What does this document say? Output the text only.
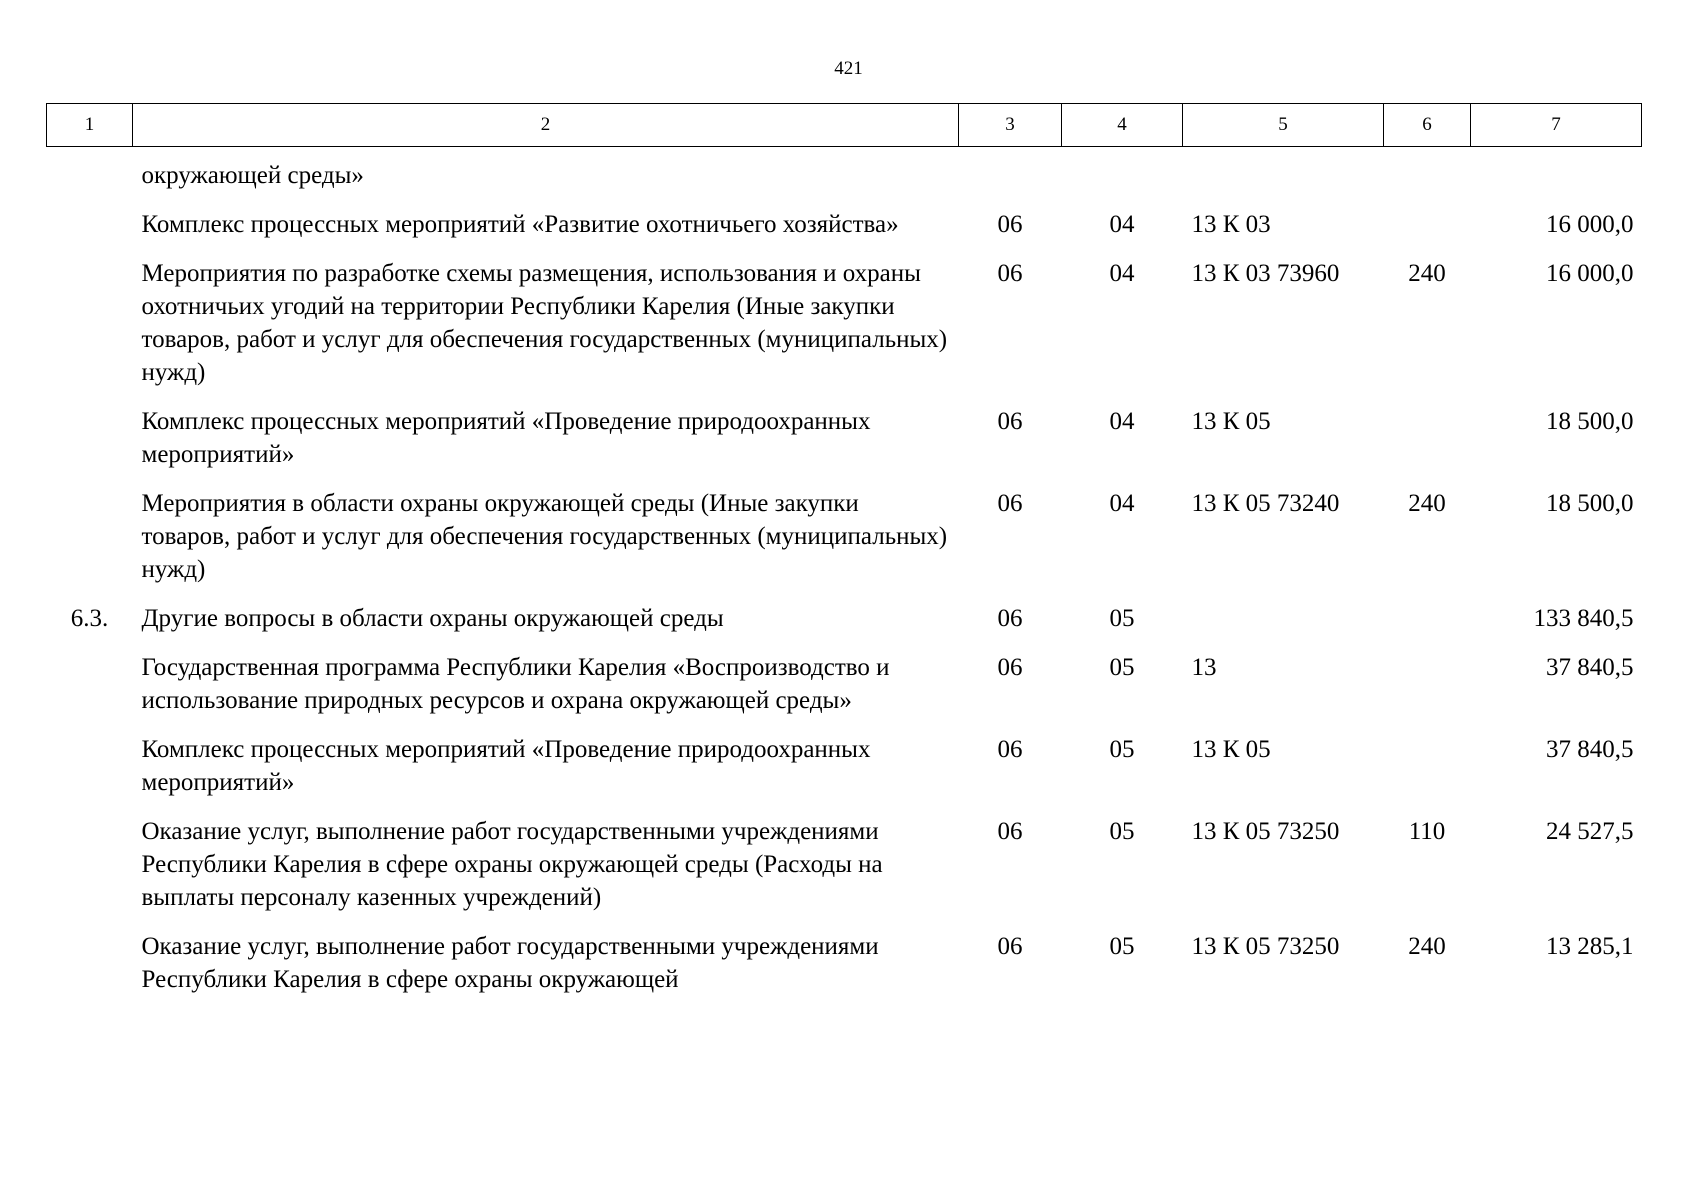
421
1	2	3	4	5	6	7
	окружающей среды»					
	Комплекс процессных мероприятий «Развитие охотничьего хозяйства»	06	04	13 К 03		16 000,0
	Мероприятия по разработке схемы размещения, использования и охраны охотничьих угодий на территории Республики Карелия (Иные закупки товаров, работ и услуг для обеспечения государственных (муниципальных) нужд)	06	04	13 К 03 73960	240	16 000,0
	Комплекс процессных мероприятий «Проведение природоохранных мероприятий»	06	04	13 К 05		18 500,0
	Мероприятия в области охраны окружающей среды (Иные закупки товаров, работ и услуг для обеспечения государственных (муниципальных) нужд)	06	04	13 К 05 73240	240	18 500,0
6.3.	Другие вопросы в области охраны окружающей среды	06	05			133 840,5
	Государственная программа Республики Карелия «Воспроизводство и использование природных ресурсов и охрана окружающей среды»	06	05	13		37 840,5
	Комплекс процессных мероприятий «Проведение природоохранных мероприятий»	06	05	13 К 05		37 840,5
	Оказание услуг, выполнение работ государственными учреждениями Республики Карелия в сфере охраны окружающей среды (Расходы на выплаты персоналу казенных учреждений)	06	05	13 К 05 73250	110	24 527,5
	Оказание услуг, выполнение работ государственными учреждениями Республики Карелия в сфере охраны окружающей	06	05	13 К 05 73250	240	13 285,1
